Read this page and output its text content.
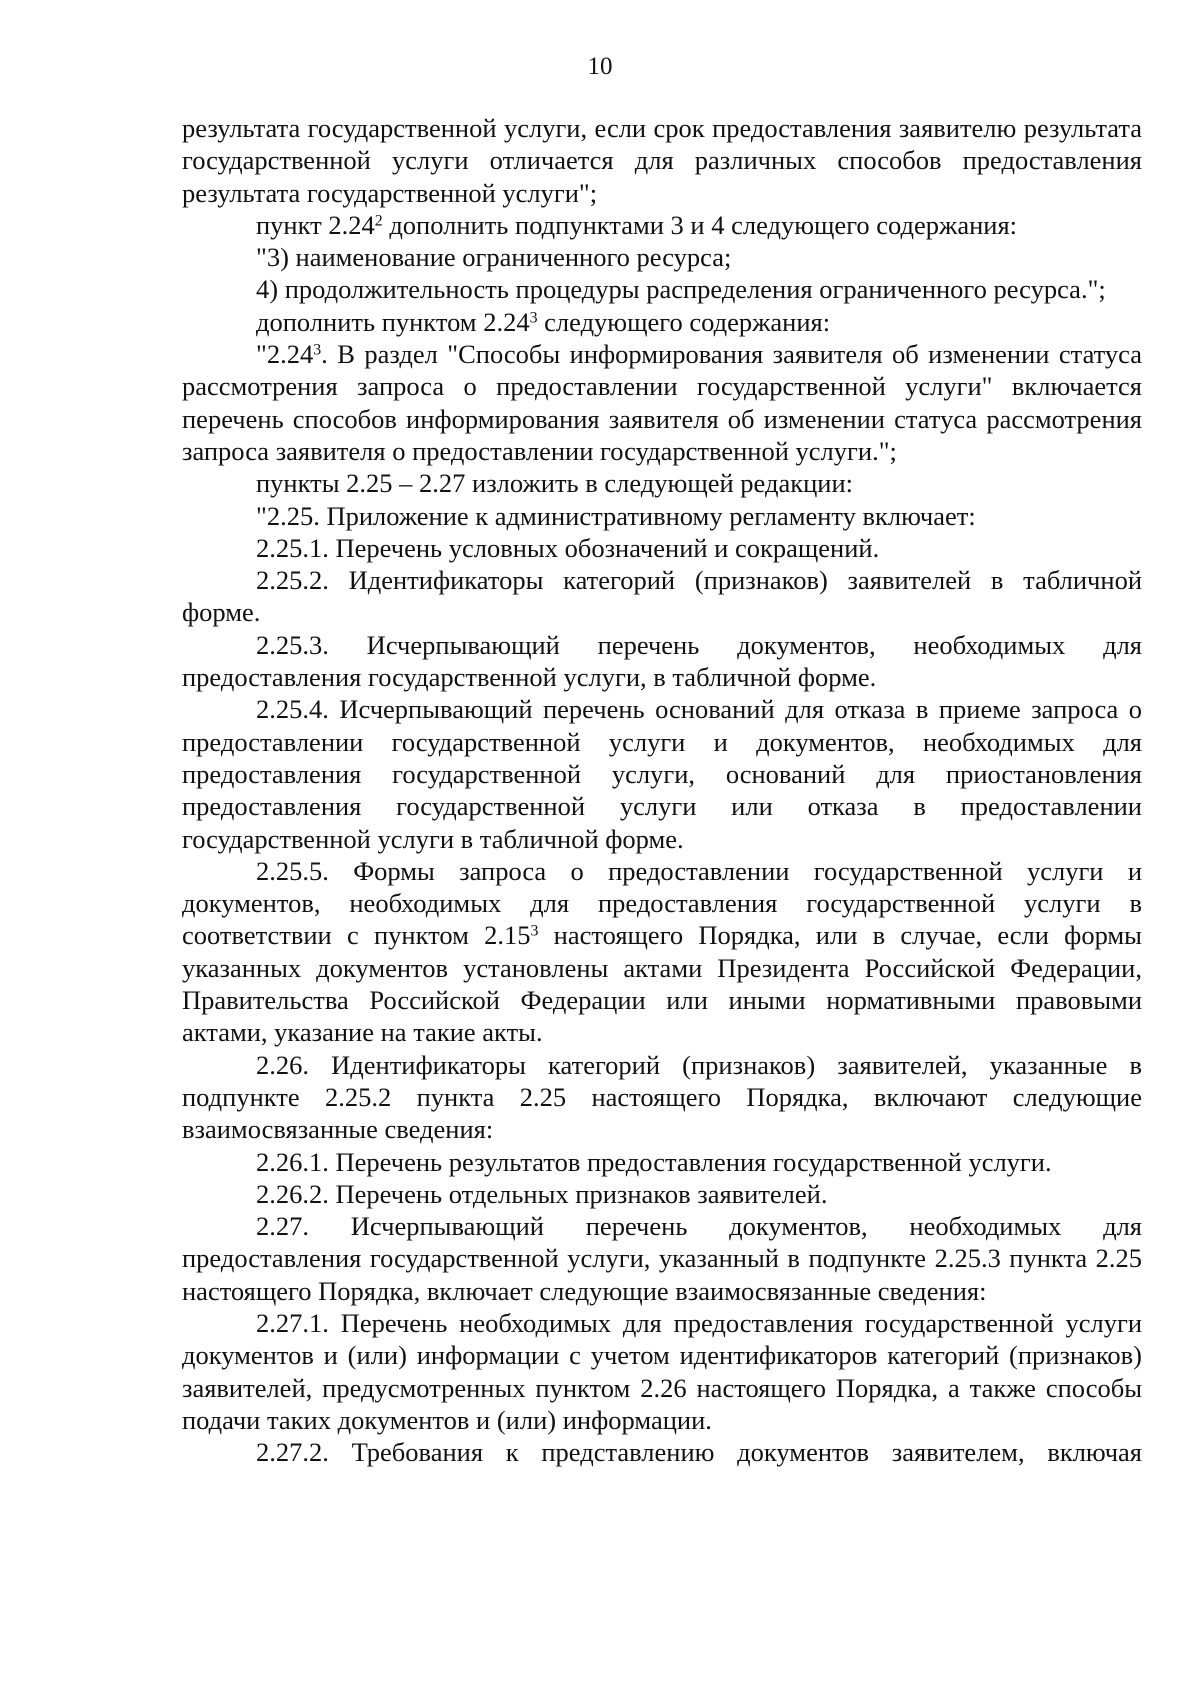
10

результата государственной услуги, если срок предоставления заявителю результата государственной услуги отличается для различных способов предоставления результата государственной услуги";

пункт 2.24$^2$ дополнить подпунктами 3 и 4 следующего содержания:

"3) наименование ограниченного ресурса;

4) продолжительность процедуры распределения ограниченного ресурса.";

дополнить пунктом 2.24$^3$ следующего содержания:

"2.24$^3$. В раздел "Способы информирования заявителя об изменении статуса рассмотрения запроса о предоставлении государственной услуги" включается перечень способов информирования заявителя об изменении статуса рассмотрения запроса заявителя о предоставлении государственной услуги.";

пункты 2.25 – 2.27 изложить в следующей редакции:

"2.25. Приложение к административному регламенту включает:

2.25.1. Перечень условных обозначений и сокращений.

2.25.2. Идентификаторы категорий (признаков) заявителей в табличной форме.

2.25.3. Исчерпывающий перечень документов, необходимых для предоставления государственной услуги, в табличной форме.

2.25.4. Исчерпывающий перечень оснований для отказа в приеме запроса о предоставлении государственной услуги и документов, необходимых для предоставления государственной услуги, оснований для приостановления предоставления государственной услуги или отказа в предоставлении государственной услуги в табличной форме.

2.25.5. Формы запроса о предоставлении государственной услуги и документов, необходимых для предоставления государственной услуги в соответствии с пунктом 2.15$^3$ настоящего Порядка, или в случае, если формы указанных документов установлены актами Президента Российской Федерации, Правительства Российской Федерации или иными нормативными правовыми актами, указание на такие акты.

2.26. Идентификаторы категорий (признаков) заявителей, указанные в подпункте 2.25.2 пункта 2.25 настоящего Порядка, включают следующие взаимосвязанные сведения:

2.26.1. Перечень результатов предоставления государственной услуги.

2.26.2. Перечень отдельных признаков заявителей.

2.27. Исчерпывающий перечень документов, необходимых для предоставления государственной услуги, указанный в подпункте 2.25.3 пункта 2.25 настоящего Порядка, включает следующие взаимосвязанные сведения:

2.27.1. Перечень необходимых для предоставления государственной услуги документов и (или) информации с учетом идентификаторов категорий (признаков) заявителей, предусмотренных пунктом 2.26 настоящего Порядка, а также способы подачи таких документов и (или) информации.

2.27.2. Требования к представлению документов заявителем, включая
